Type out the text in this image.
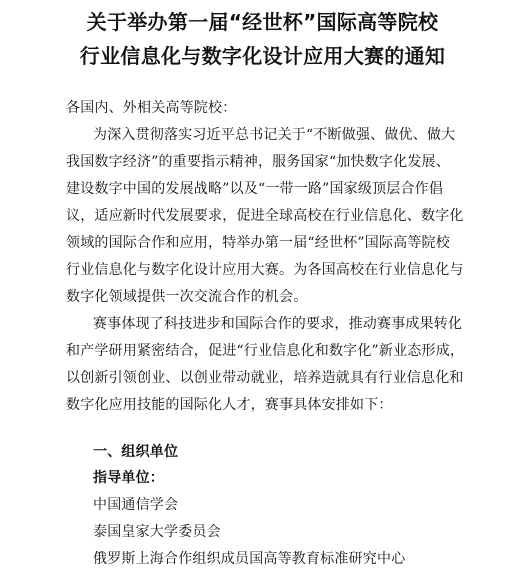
关于举办第一届“经世杯”国际高等院校
行业信息化与数字化设计应用大赛的通知
各国内、外相关高等院校：
为深入贯彻落实习近平总书记关于“不断做强、做优、做大
我国数字经济”的重要指示精神，服务国家“加快数字化发展、
建设数字中国的发展战略”以及“一带一路”国家级顶层合作倡
议，适应新时代发展要求，促进全球高校在行业信息化、数字化
领域的国际合作和应用，特举办第一届“经世杯”国际高等院校
行业信息化与数字化设计应用大赛。为各国高校在行业信息化与
数字化领域提供一次交流合作的机会。
赛事体现了科技进步和国际合作的要求，推动赛事成果转化
和产学研用紧密结合，促进“行业信息化和数字化”新业态形成，
以创新引领创业、以创业带动就业，培养造就具有行业信息化和
数字化应用技能的国际化人才，赛事具体安排如下：
一、组织单位
指导单位：
中国通信学会
泰国皇家大学委员会
俄罗斯上海合作组织成员国高等教育标准研究中心
